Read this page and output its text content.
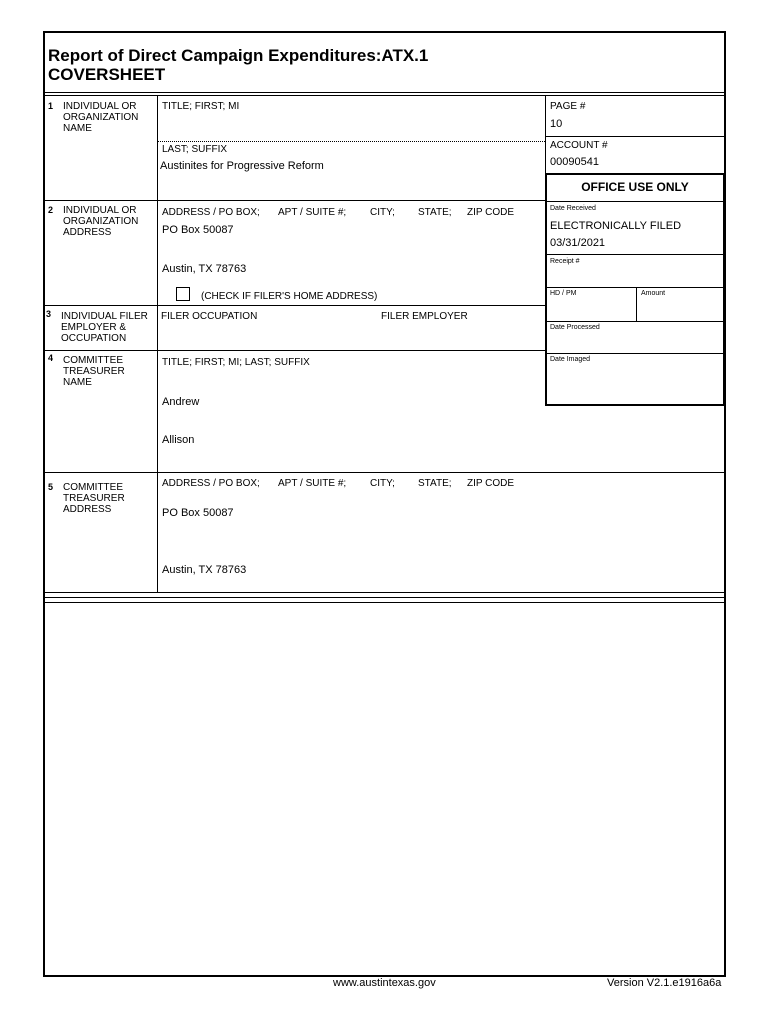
Report of Direct Campaign Expenditures:ATX.1
COVERSHEET
1 INDIVIDUAL OR ORGANIZATION NAME
TITLE; FIRST; MI
LAST; SUFFIX
Austinites for Progressive Reform
PAGE #
10
ACCOUNT #
00090541
OFFICE USE ONLY
Date Received
ELECTRONICALLY FILED
03/31/2021
Receipt #
HD / PM	Amount
Date Processed
Date Imaged
2 INDIVIDUAL OR ORGANIZATION ADDRESS
ADDRESS / PO BOX; APT / SUITE #; CITY; STATE; ZIP CODE
PO Box 50087
Austin, TX 78763
(CHECK IF FILER'S HOME ADDRESS)
3 INDIVIDUAL FILER EMPLOYER & OCCUPATION
FILER OCCUPATION	FILER EMPLOYER
4 COMMITTEE TREASURER NAME
TITLE; FIRST; MI; LAST; SUFFIX
Andrew
Allison
5 COMMITTEE TREASURER ADDRESS
ADDRESS / PO BOX; APT / SUITE #; CITY; STATE; ZIP CODE
PO Box 50087
Austin, TX 78763
www.austintexas.gov	Version V2.1.e1916a6a
